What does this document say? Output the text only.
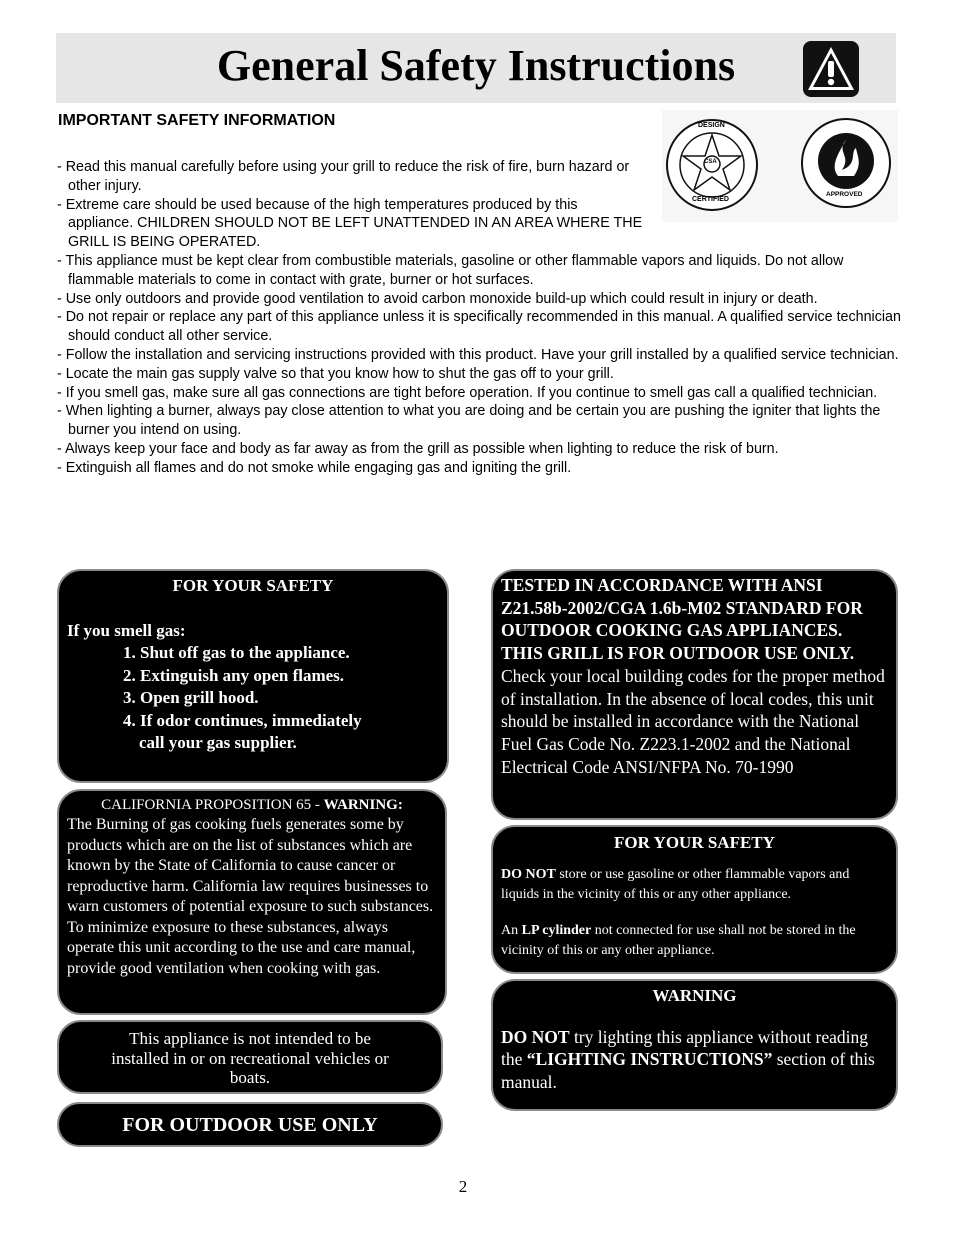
General Safety Instructions
IMPORTANT SAFETY INFORMATION	DESIGN
CSA
CERTIFIED
APPROVED
- Read this manual carefully before using your grill to reduce the risk of fire, burn hazard or other injury.
- Extreme care should be used because of the high temperatures produced by this appliance. CHILDREN SHOULD NOT BE LEFT UNATTENDED IN AN AREA WHERE THE GRILL IS BEING OPERATED.
- This appliance must be kept clear from combustible materials, gasoline or other flammable vapors and liquids. Do not allow flammable materials to come in contact with grate, burner or hot surfaces.
- Use only outdoors and provide good ventilation to avoid carbon monoxide build-up which could result in injury or death.
- Do not repair or replace any part of this appliance unless it is specifically recommended in this manual. A qualified service technician should conduct all other service.
- Follow the installation and servicing instructions provided with this product. Have your grill installed by a qualified service technician.
- Locate the main gas supply valve so that you know how to shut the gas off to your grill.
- If you smell gas, make sure all gas connections are tight before operation. If you continue to smell gas call a qualified technician.
- When lighting a burner, always pay close attention to what you are doing and be certain you are pushing the igniter that lights the burner you intend on using.
- Always keep your face and body as far away as from the grill as possible when lighting to reduce the risk of burn.
- Extinguish all flames and do not smoke while engaging gas and igniting the grill.
FOR YOUR SAFETY
If you smell gas:
1. Shut off gas to the appliance.
2. Extinguish any open flames.
3. Open grill hood.
4. If odor continues, immediately
call your gas supplier.
CALIFORNIA PROPOSITION 65 - WARNING:
The Burning of gas cooking fuels generates some by products which are on the list of substances which are known by the State of California to cause cancer or reproductive harm. California law requires businesses to warn customers of potential exposure to such substances. To minimize exposure to these substances, always operate this unit according to the use and care manual, provide good ventilation when cooking with gas.
This appliance is not intended to be installed in or on recreational vehicles or boats.
FOR OUTDOOR USE ONLY
TESTED IN ACCORDANCE WITH ANSI Z21.58b-2002/CGA 1.6b-M02 STANDARD FOR OUTDOOR COOKING GAS APPLIANCES. THIS GRILL IS FOR OUTDOOR USE ONLY.
Check your local building codes for the proper method of installation. In the absence of local codes, this unit should be installed in accordance with the National Fuel Gas Code No. Z223.1-2002 and the National Electrical Code ANSI/NFPA No. 70-1990
FOR YOUR SAFETY
DO NOT store or use gasoline or other flammable vapors and liquids in the vicinity of this or any other appliance.
An LP cylinder not connected for use shall not be stored in the vicinity of this or any other appliance.
WARNING
DO NOT try lighting this appliance without reading the “LIGHTING INSTRUCTIONS” section of this manual.
2
